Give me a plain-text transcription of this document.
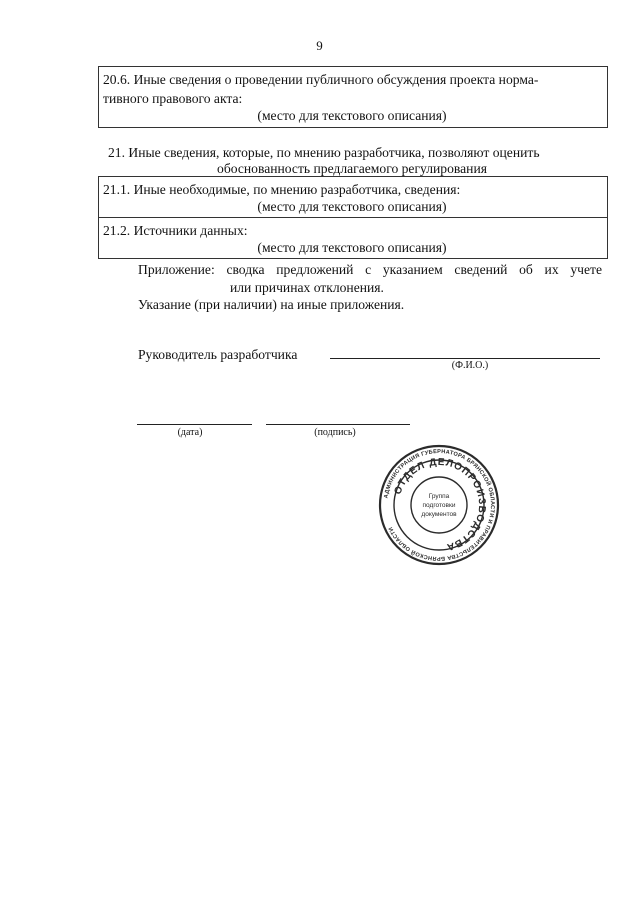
9
20.6. Иные сведения о проведении публичного обсуждения проекта норма-
тивного правового акта:
(место для текстового описания)
21. Иные сведения, которые, по мнению разработчика, позволяют оценить
обоснованность предлагаемого регулирования
21.1. Иные необходимые, по мнению разработчика, сведения:
(место для текстового описания)
21.2. Источники данных:
(место для текстового описания)
Приложение: сводка предложений с указанием сведений об их учете
или причинах отклонения.
Указание (при наличии) на иные приложения.
Руководитель разработчика
(Ф.И.О.)
(дата)	(подпись)
АДМИНИСТРАЦИЯ ГУБЕРНАТОРА БРЯНСКОЙ ОБЛАСТИ И ПРАВИТЕЛЬСТВА БРЯНСКОЙ ОБЛАСТИ
ОТДЕЛ ДЕЛОПРОИЗВОДСТВА
Группа
подготовки
документов
